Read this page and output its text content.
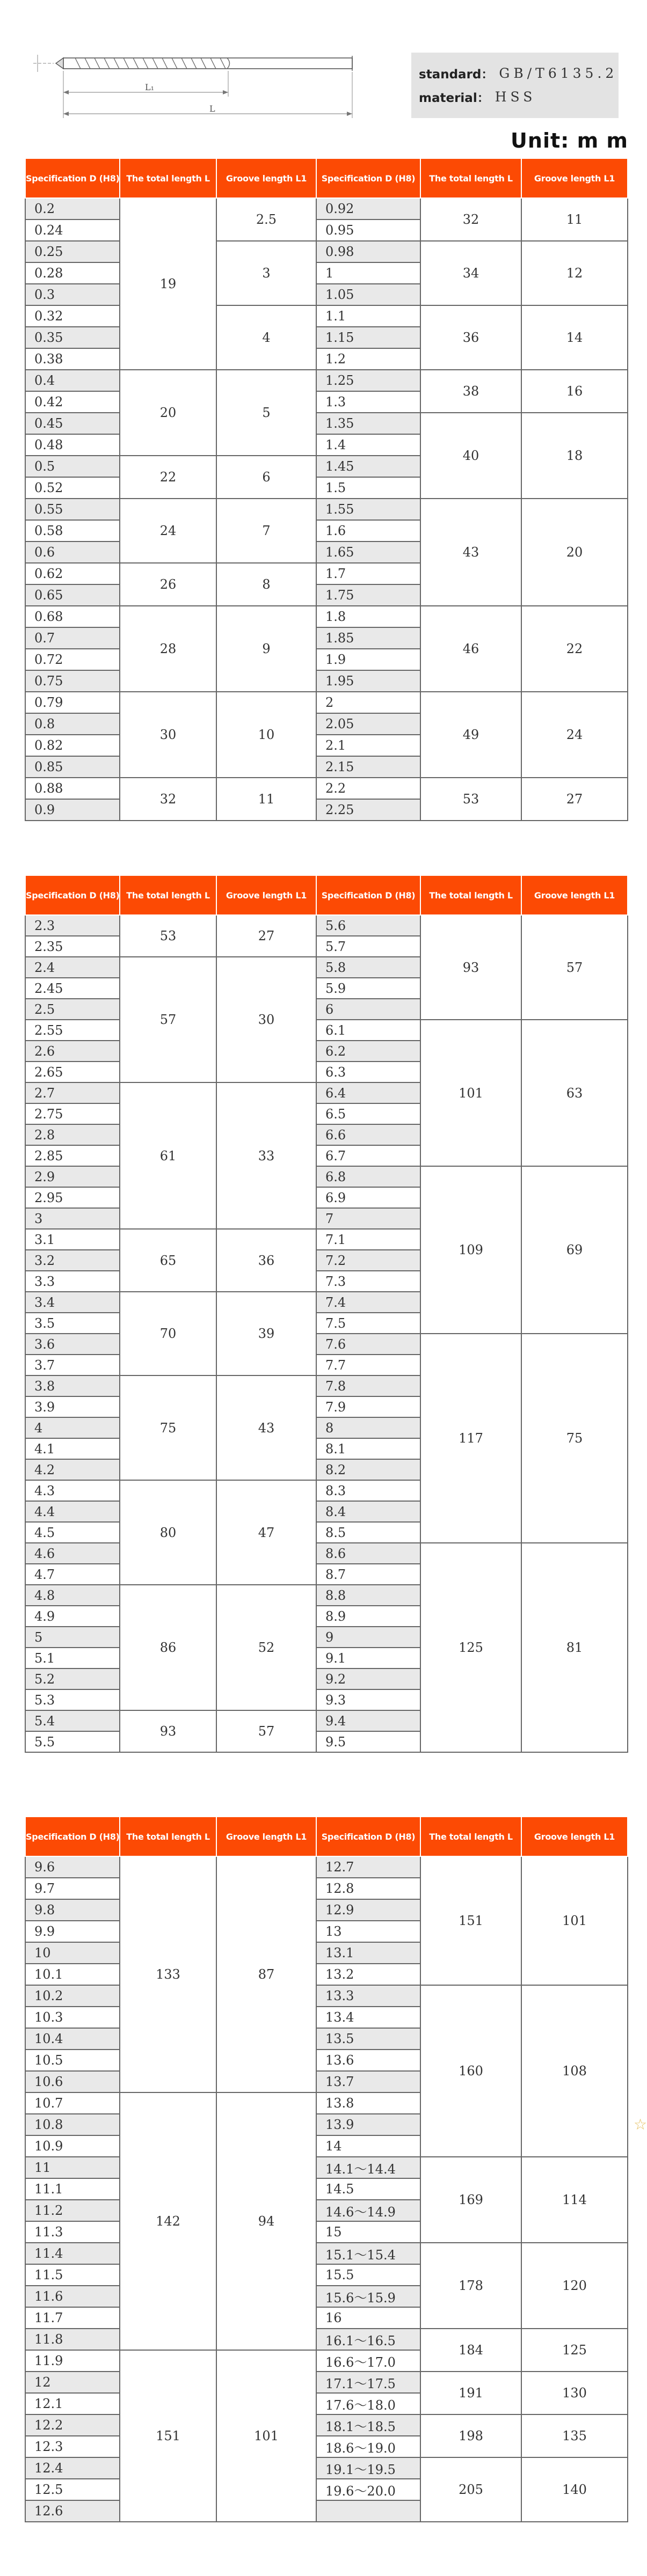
L₁
L
standard： GB/T6135.2
material： HSS
Unit: m m
Specification D (H8)	The total length L	Groove length L1	Specification D (H8)	The total length L	Groove length L1
0.2	19	2.5	0.92	32	11
0.24			0.95		
0.25		3	0.98	34	12
0.28			1		
0.3			1.05		
0.32		4	1.1	36	14
0.35			1.15		
0.38			1.2		
0.4	20	5	1.25	38	16
0.42			1.3		
0.45			1.35	40	18
0.48			1.4		
0.5	22	6	1.45		
0.52			1.5		
0.55	24	7	1.55	43	20
0.58			1.6		
0.6			1.65		
0.62	26	8	1.7		
0.65			1.75		
0.68	28	9	1.8	46	22
0.7			1.85		
0.72			1.9		
0.75			1.95		
0.79	30	10	2	49	24
0.8			2.05		
0.82			2.1		
0.85			2.15		
0.88	32	11	2.2	53	27
0.9			2.25		
Specification D (H8)	The total length L	Groove length L1	Specification D (H8)	The total length L	Groove length L1
2.3	53	27	5.6	93	57
2.35			5.7		
2.4	57	30	5.8		
2.45			5.9		
2.5			6		
2.55			6.1	101	63
2.6			6.2		
2.65			6.3		
2.7	61	33	6.4		
2.75			6.5		
2.8			6.6		
2.85			6.7		
2.9			6.8	109	69
2.95			6.9		
3			7		
3.1	65	36	7.1		
3.2			7.2		
3.3			7.3		
3.4	70	39	7.4		
3.5			7.5		
3.6			7.6	117	75
3.7			7.7		
3.8	75	43	7.8		
3.9			7.9		
4			8		
4.1			8.1		
4.2			8.2		
4.3	80	47	8.3		
4.4			8.4		
4.5			8.5		
4.6			8.6	125	81
4.7			8.7		
4.8	86	52	8.8		
4.9			8.9		
5			9		
5.1			9.1		
5.2			9.2		
5.3			9.3		
5.4	93	57	9.4		
5.5			9.5		
Specification D (H8)	The total length L	Groove length L1	Specification D (H8)	The total length L	Groove length L1
9.6	133	87	12.7	151	101
9.7			12.8		
9.8			12.9		
9.9			13		
10			13.1		
10.1			13.2		
10.2			13.3	160	108
10.3			13.4		
10.4			13.5		
10.5			13.6		
10.6			13.7		
10.7	142	94	13.8		
10.8			13.9		
10.9			14		
11			14.1～14.4	169	114
11.1			14.5		
11.2			14.6～14.9		
11.3			15		
11.4			15.1～15.4	178	120
11.5			15.5		
11.6			15.6～15.9		
11.7			16		
11.8			16.1～16.5	184	125
11.9	151	101	16.6～17.0		
12			17.1～17.5	191	130
12.1			17.6～18.0		
12.2			18.1～18.5	198	135
12.3			18.6～19.0		
12.4			19.1～19.5	205	140
12.5			19.6～20.0		
12.6					
☆
